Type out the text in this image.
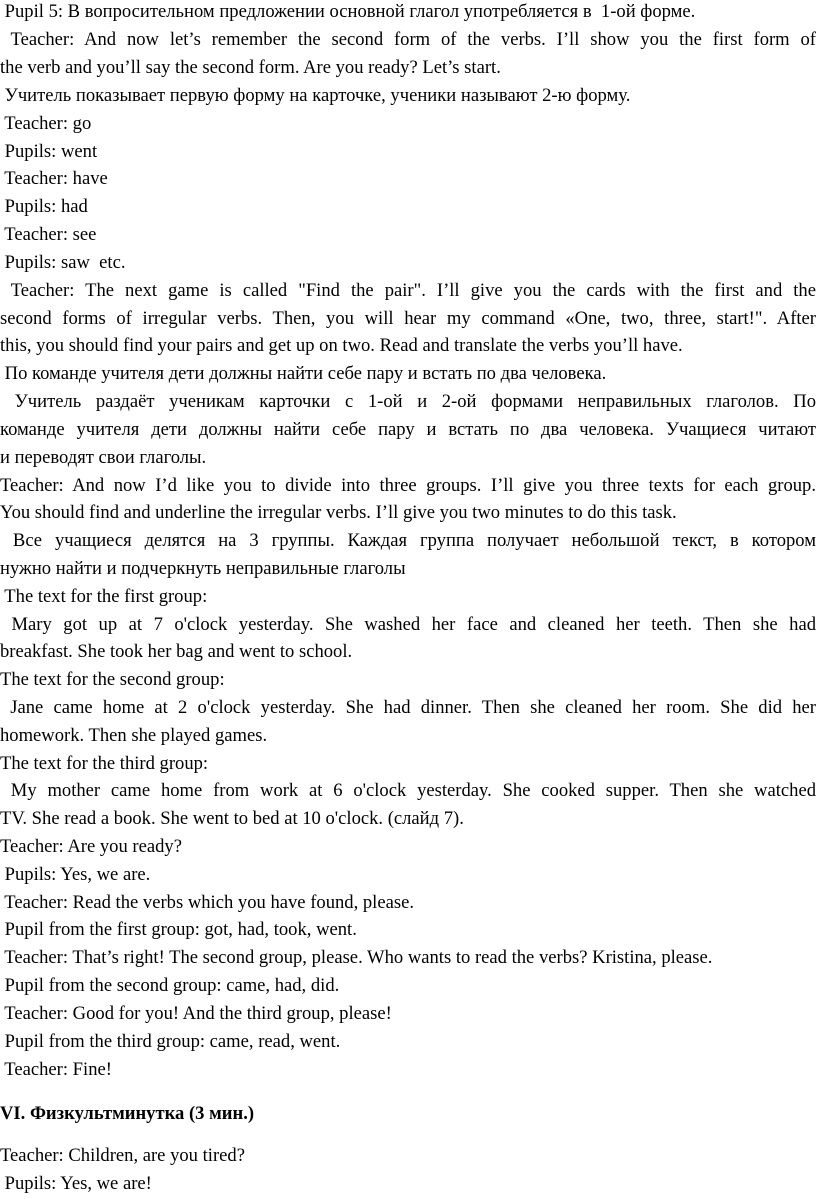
Pupil 5: В вопросительном предложении основной глагол употребляется в  1-ой форме.
Teacher: And now let’s remember the second form of the verbs. I’ll show you the first form of
the verb and you’ll say the second form. Are you ready? Let’s start.
Учитель показывает первую форму на карточке, ученики называют 2-ю форму.
Teacher: go
Pupils: went
Teacher: have
Pupils: had
Teacher: see
Pupils: saw  etc.
Teacher: The next game is called "Find the pair". I’ll give you the cards with the first and the
second forms of irregular verbs. Then, you will hear my command «One, two, three, start!". After
this, you should find your pairs and get up on two. Read and translate the verbs you’ll have.
По команде учителя дети должны найти себе пару и встать по два человека.
Учитель раздаёт ученикам карточки с 1-ой и 2-ой формами неправильных глаголов. По
команде учителя дети должны найти себе пару и встать по два человека. Учащиеся читают
и переводят свои глаголы.
Teacher: And now I’d like you to divide into three groups. I’ll give you three texts for each group.
You should find and underline the irregular verbs. I’ll give you two minutes to do this task.
Все учащиеся делятся на 3 группы. Каждая группа получает небольшой текст, в котором
нужно найти и подчеркнуть неправильные глаголы
The text for the first group:
Mary got up at 7 o'clock yesterday. She washed her face and cleaned her teeth. Then she had
breakfast. She took her bag and went to school.
The text for the second group:
Jane came home at 2 o'clock yesterday. She had dinner. Then she cleaned her room. She did her
homework. Then she played games.
The text for the third group:
My mother came home from work at 6 o'clock yesterday. She cooked supper. Then she watched
TV. She read a book. She went to bed at 10 o'clock. (слайд 7).
Teacher: Are you ready?
Pupils: Yes, we are.
Teacher: Read the verbs which you have found, please.
Pupil from the first group: got, had, took, went.
Teacher: That’s right! The second group, please. Who wants to read the verbs? Kristina, please.
Pupil from the second group: came, had, did.
Teacher: Good for you! And the third group, please!
Pupil from the third group: came, read, went.
Teacher: Fine!
VI. Физкультминутка (3 мин.)
Teacher: Children, are you tired?
Pupils: Yes, we are!
